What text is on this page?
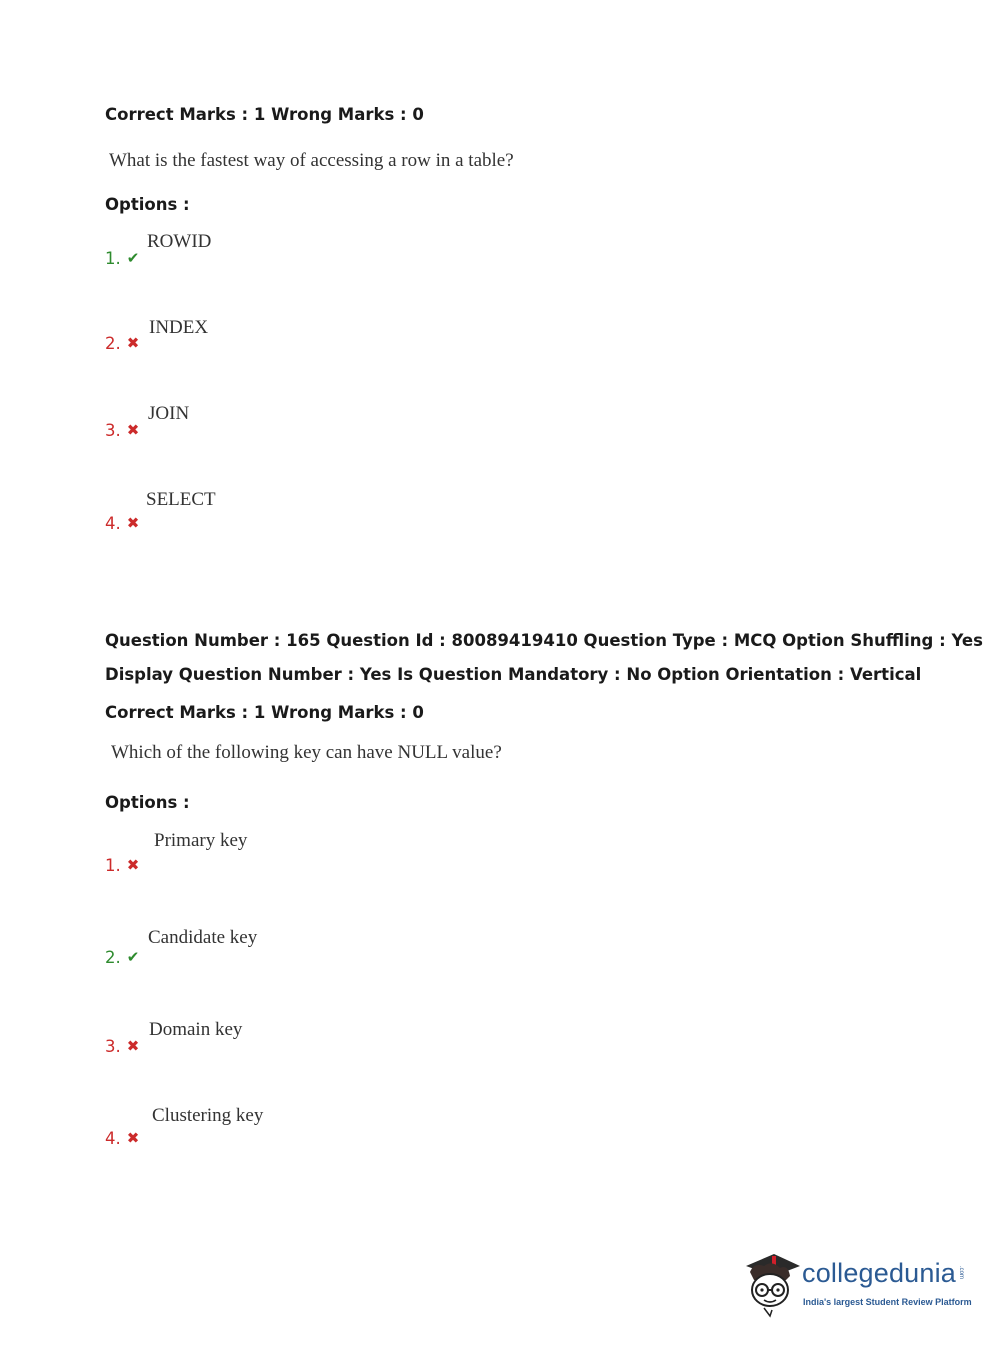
Correct Marks : 1 Wrong Marks : 0
What is the fastest way of accessing a row in a table?
Options :
ROWID
1. ✔
INDEX
2. ✖
JOIN
3. ✖
SELECT
4. ✖
Question Number : 165 Question Id : 80089419410 Question Type : MCQ Option Shuffling : Yes
Display Question Number : Yes Is Question Mandatory : No Option Orientation : Vertical
Correct Marks : 1 Wrong Marks : 0
Which of the following key can have NULL value?
Options :
Primary key
1. ✖
Candidate key
2. ✔
Domain key
3. ✖
Clustering key
4. ✖
collegedunia .com
India's largest Student Review Platform
